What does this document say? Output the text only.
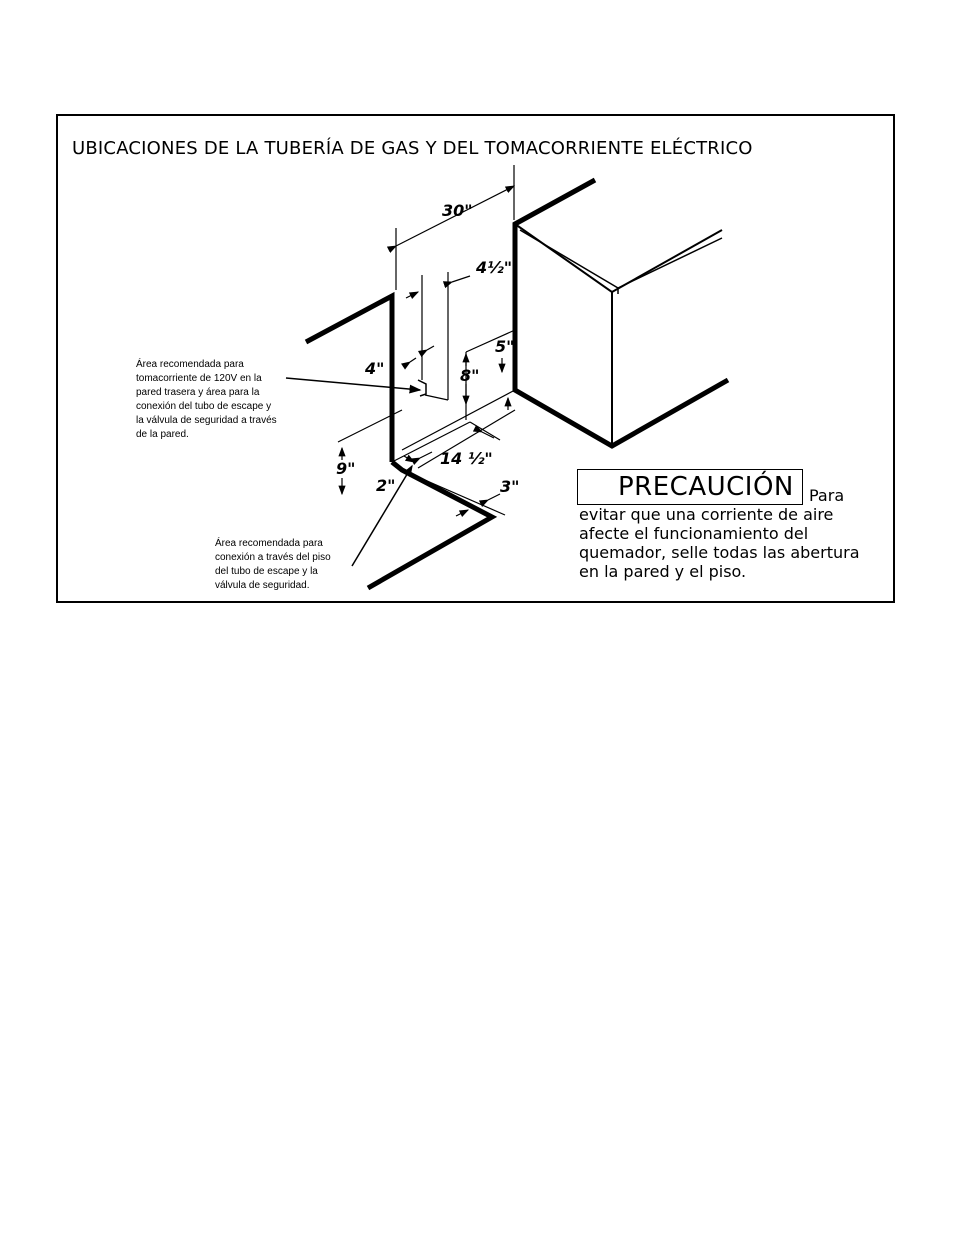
UBICACIONES DE LA TUBERÍA DE GAS Y DEL TOMACORRIENTE ELÉCTRICO
30"
4½"
5"
4"	8"
9"
14 ½"
2"	3"
Área recomendada para
tomacorriente de 120V en la
pared trasera y área para la
conexión del tubo de escape y
la válvula de seguridad a través
de la pared.
Área recomendada para
conexión a través del piso
del tubo de escape y la
válvula de seguridad.
PRECAUCIÓN Para
evitar que una corriente de aire
afecte el funcionamiento del
quemador, selle todas las abertura
en la pared y el piso.
